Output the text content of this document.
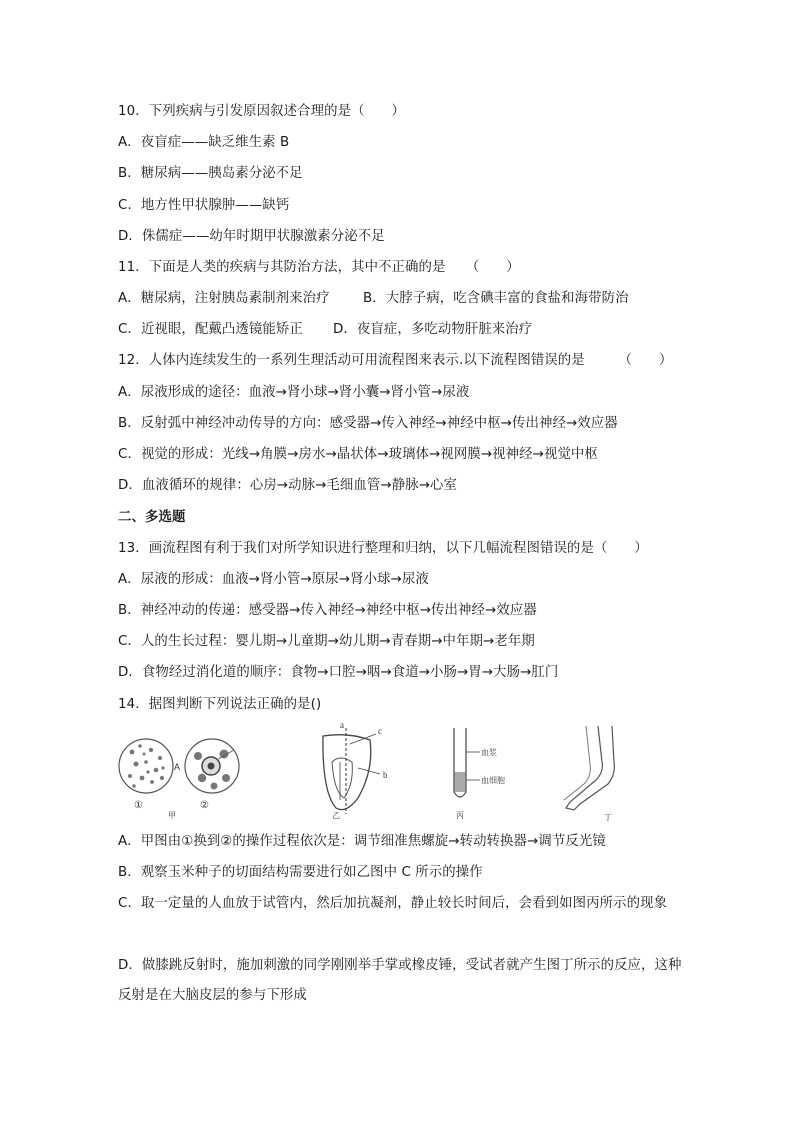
10．下列疾病与引发原因叙述合理的是（　　）
A．夜盲症——缺乏维生素 B
B．糖尿病——胰岛素分泌不足
C．地方性甲状腺肿——缺钙
D．侏儒症——幼年时期甲状腺激素分泌不足
11．下面是人类的疾病与其防治方法，其中不正确的是　　（　　）
A．糖尿病，注射胰岛素制剂来治疗 B．大脖子病，吃含碘丰富的食盐和海带防治
C．近视眼，配戴凸透镜能矫正 D．夜盲症，多吃动物肝脏来治疗
12．人体内连续发生的一系列生理活动可用流程图来表示.以下流程图错误的是　　　（　　）
A．尿液形成的途径：血液→肾小球→肾小囊→肾小管→尿液
B．反射弧中神经冲动传导的方向：感受器→传入神经→神经中枢→传出神经→效应器
C．视觉的形成：光线→角膜→房水→晶状体→玻璃体→视网膜→视神经→视觉中枢
D．血液循环的规律：心房→动脉→毛细血管→静脉→心室
二、多选题
13．画流程图有利于我们对所学知识进行整理和归纳，以下几幅流程图错误的是（　　）
A．尿液的形成：血液→肾小管→原尿→肾小球→尿液
B．神经冲动的传递：感受器→传入神经→神经中枢→传出神经→效应器
C．人的生长过程：婴儿期→儿童期→幼儿期→青春期→中年期→老年期
D．食物经过消化道的顺序：食物→口腔→咽→食道→小肠→胃→大肠→肛门
14．据图判断下列说法正确的是()
A
①	②
甲
a
c
b
乙
血浆
血细胞
丙	丁
A．甲图由①换到②的操作过程依次是：调节细准焦螺旋→转动转换器→调节反光镜
B．观察玉米种子的切面结构需要进行如乙图中 C 所示的操作
C．取一定量的人血放于试管内，然后加抗凝剂，静止较长时间后，会看到如图丙所示的现象
D．做膝跳反射时，施加刺激的同学刚刚举手掌或橡皮锤，受试者就产生图丁所示的反应，这种反射是在大脑皮层的参与下形成
